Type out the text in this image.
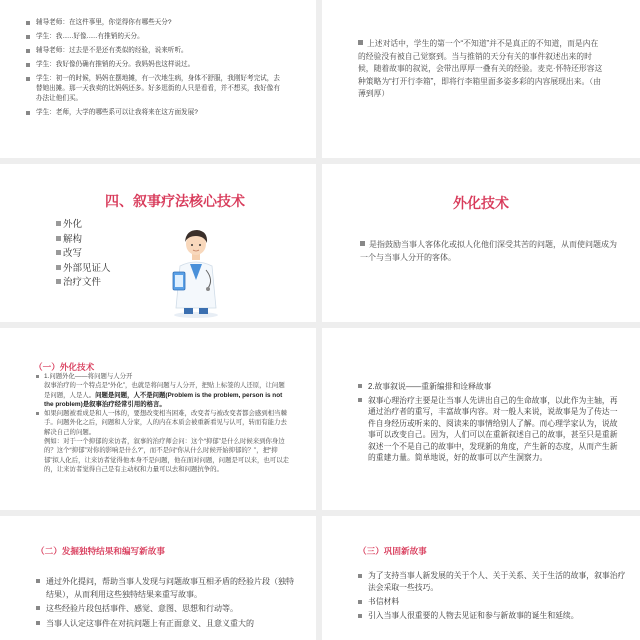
辅导老师：在这件事里，你觉得你有哪些天分?
学生：我......好像......有推销的天分。
辅导老师：过去是不是还有类似的经验，说来听听。
学生：我好像仍确有推销的天分。我妈妈也这样说过。
学生：初一的时候，妈妈在摆地摊，有一次地生病，身体不舒服，我刚好考完试，去替她出摊。那一天我卖的比妈妈还多。好多逛街的人只是看看，并不想买，我好像有办法让他们买。
学生：老师，大学的哪些系可以让我将来在这方面发展?
上述对话中，学生的第一个“不知道”并不是真正的不知道，而是内在的经验没有被自己觉察到。当与推销的天分有关的事件叙述出来的时候，随着故事的叙说，会带出厚厚一叠有关的经验。麦克·怀特还形容这种策略为“打开行李箱”，即将行李箱里面多姿多彩的内容展现出来。（由薄到厚）
四、叙事疗法核心技术
外化
解构
改写
外部见证人
治疗文件
外化技术
是指鼓励当事人客体化或拟人化他们深受其苦的问题，从而使问题成为一个与当事人分开的客体。
（一）外化技术
1.问题外化——将问题与人分开

叙事治疗的一个特点是“外化”，也就是将问题与人分开，把贴上标签的人还原，让问题是问题，人是人。问题是问题，人不是问题(Problem is the problem, person is not the problem)是叙事治疗经常引用的格言。

如果问题被看成是和人一体的，要想改变相当困难，改变者与被改变者都会感到相当棘手。问题外化之后，问题和人分家，人的内在本质会被重新看见与认可，转而有能力去解决自己的问题。

例如：对于一个抑郁的来访者，叙事的治疗师会问：这个“抑郁”是什么时候来到你身边的？这个“抑郁”对你的影响是什么?”，而不是问“你从什么时候开始抑郁的？”，把“抑郁”拟人化后，让来访者觉得他本身不是问题，他在面对问题，问题是可以来，也可以走的，让来访者觉得自己是有主动权和力量可以去和问题抗争的。

2.故事叙说——重新编排和诠释故事
叙事心理治疗主要是让当事人先讲出自己的生命故事，以此作为主轴，再通过治疗者的重写，丰富故事内容。对一般人来说，说故事是为了传达一件自身经历或听来的、阅读来的事情给别人了解。而心理学家认为，说故事可以改变自己。因为，人们可以在重新叙述自己的故事，甚至只是重新叙述一个不是自己的故事中，发现新的角度，产生新的态度，从而产生新的重建力量。简单地说，好的故事可以产生洞察力。
（二）发掘独特结果和编写新故事
通过外化提问，帮助当事人发现与问题故事互相矛盾的经验片段（独特结果），从而利用这些独特结果来重写故事。
这些经验片段包括事件、感觉、意图、思想和行动等。
当事人认定这事件在对抗问题上有正面意义、且意义重大的
（三）巩固新故事
为了支持当事人新发展的关于个人、关于关系、关于生活的故事，叙事治疗法会采取一些技巧。
书信材料
引入当事人很重要的人物去见证和参与新故事的诞生和延续。
